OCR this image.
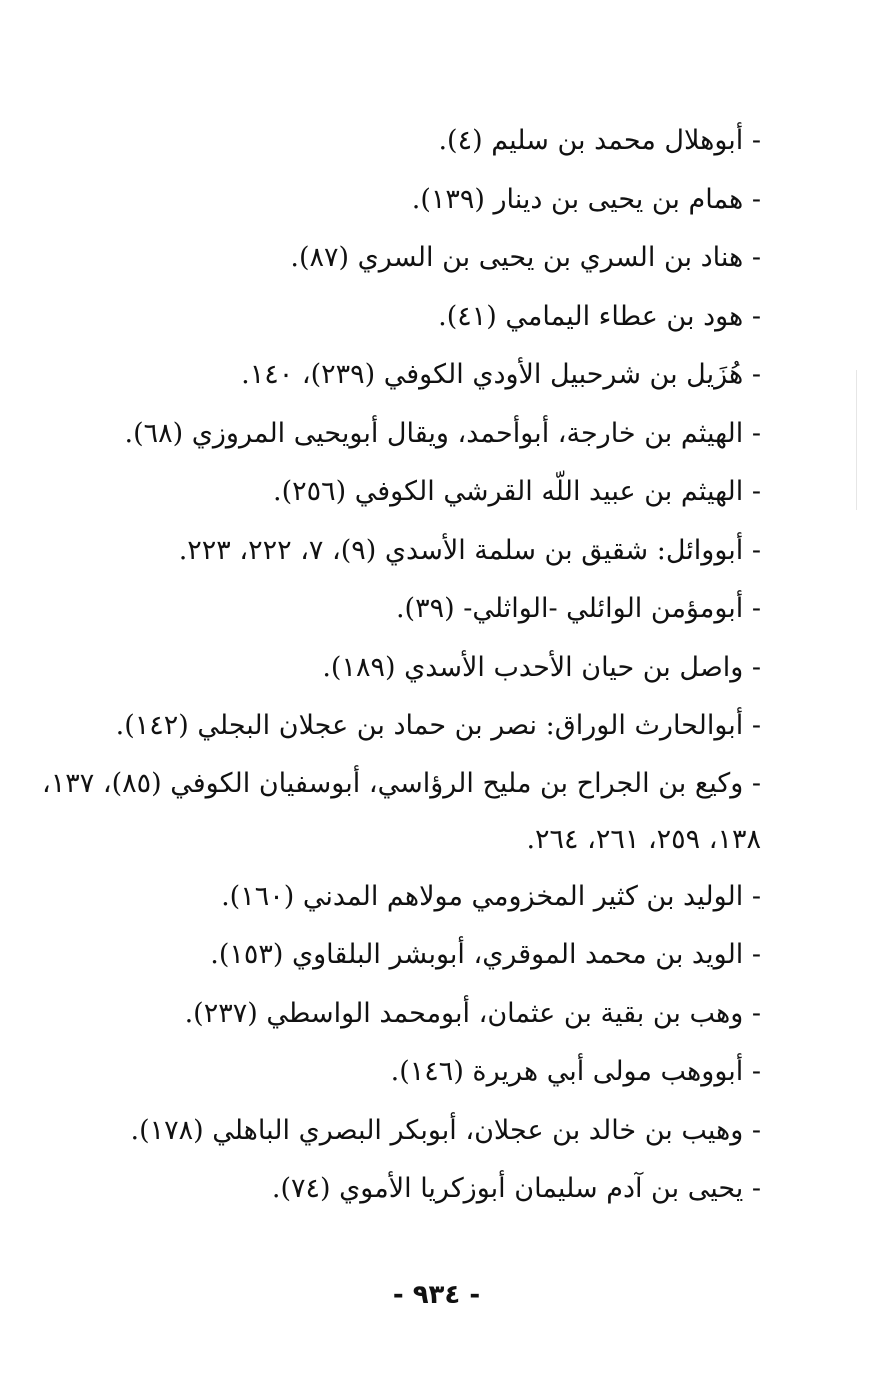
- أبوهلال محمد بن سليم (٤).
- همام بن يحيى بن دينار (١٣٩).
- هناد بن السري بن يحيى بن السري (٨٧).
- هود بن عطاء اليمامي (٤١).
- هُزَيل بن شرحبيل الأودي الكوفي (٢٣٩)، ١٤٠.
- الهيثم بن خارجة، أبوأحمد، ويقال أبويحيى المروزي (٦٨).
- الهيثم بن عبيد اللّه القرشي الكوفي (٢٥٦).
- أبووائل: شقيق بن سلمة الأسدي (٩)، ٧، ٢٢٢، ٢٢٣.
- أبومؤمن الوائلي -الواثلي- (٣٩).
- واصل بن حيان الأحدب الأسدي (١٨٩).
- أبوالحارث الوراق: نصر بن حماد بن عجلان البجلي (١٤٢).
- وكيع بن الجراح بن مليح الرؤاسي، أبوسفيان الكوفي (٨٥)، ١٣٧، ١٣٨، ٢٥٩، ٢٦١، ٢٦٤.
- الوليد بن كثير المخزومي مولاهم المدني (١٦٠).
- الويد بن محمد الموقري، أبوبشر البلقاوي (١٥٣).
- وهب بن بقية بن عثمان، أبومحمد الواسطي (٢٣٧).
- أبووهب مولى أبي هريرة (١٤٦).
- وهيب بن خالد بن عجلان، أبوبكر البصري الباهلي (١٧٨).
- يحيى بن آدم سليمان أبوزكريا الأموي (٧٤).
- ٩٣٤ -
